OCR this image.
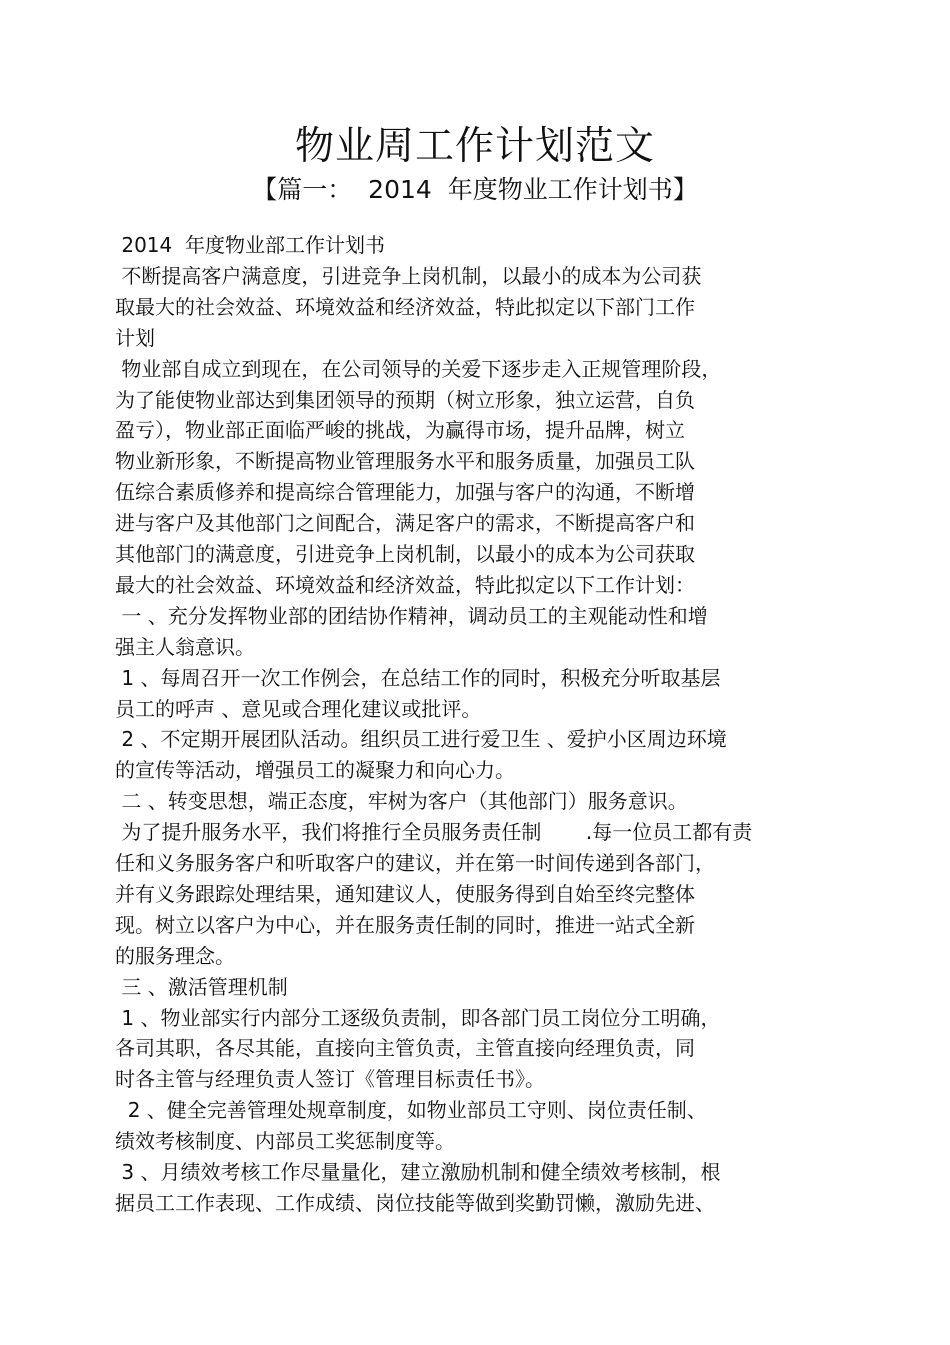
物业周工作计划范文
【篇一：  2014  年度物业工作计划书】
2014  年度物业部工作计划书
不断提高客户满意度，引进竞争上岗机制，以最小的成本为公司获
取最大的社会效益、环境效益和经济效益，特此拟定以下部门工作
计划
物业部自成立到现在，在公司领导的关爱下逐步走入正规管理阶段，
为了能使物业部达到集团领导的预期（树立形象，独立运营，自负
盈亏），物业部正面临严峻的挑战，为赢得市场，提升品牌，树立
物业新形象，不断提高物业管理服务水平和服务质量，加强员工队
伍综合素质修养和提高综合管理能力，加强与客户的沟通，不断增
进与客户及其他部门之间配合，满足客户的需求，不断提高客户和
其他部门的满意度，引进竞争上岗机制，以最小的成本为公司获取
最大的社会效益、环境效益和经济效益，特此拟定以下工作计划：
一 、充分发挥物业部的团结协作精神，调动员工的主观能动性和增
强主人翁意识。
1 、每周召开一次工作例会，在总结工作的同时，积极充分听取基层
员工的呼声 、意见或合理化建议或批评。
2 、不定期开展团队活动。组织员工进行爱卫生 、爱护小区周边环境
的宣传等活动，增强员工的凝聚力和向心力。
二 、转变思想，端正态度，牢树为客户（其他部门）服务意识。
为了提升服务水平，我们将推行全员服务责任制       .每一位员工都有责
任和义务服务客户和听取客户的建议，并在第一时间传递到各部门，
并有义务跟踪处理结果，通知建议人，使服务得到自始至终完整体
现。树立以客户为中心，并在服务责任制的同时，推进一站式全新
的服务理念。
三 、激活管理机制
1 、物业部实行内部分工逐级负责制，即各部门员工岗位分工明确，
各司其职，各尽其能，直接向主管负责，主管直接向经理负责，同
时各主管与经理负责人签订《管理目标责任书》。
2 、健全完善管理处规章制度，如物业部员工守则、岗位责任制、
绩效考核制度、内部员工奖惩制度等。
3 、月绩效考核工作尽量量化，建立激励机制和健全绩效考核制，根
据员工工作表现、工作成绩、岗位技能等做到奖勤罚懒，激励先进、
